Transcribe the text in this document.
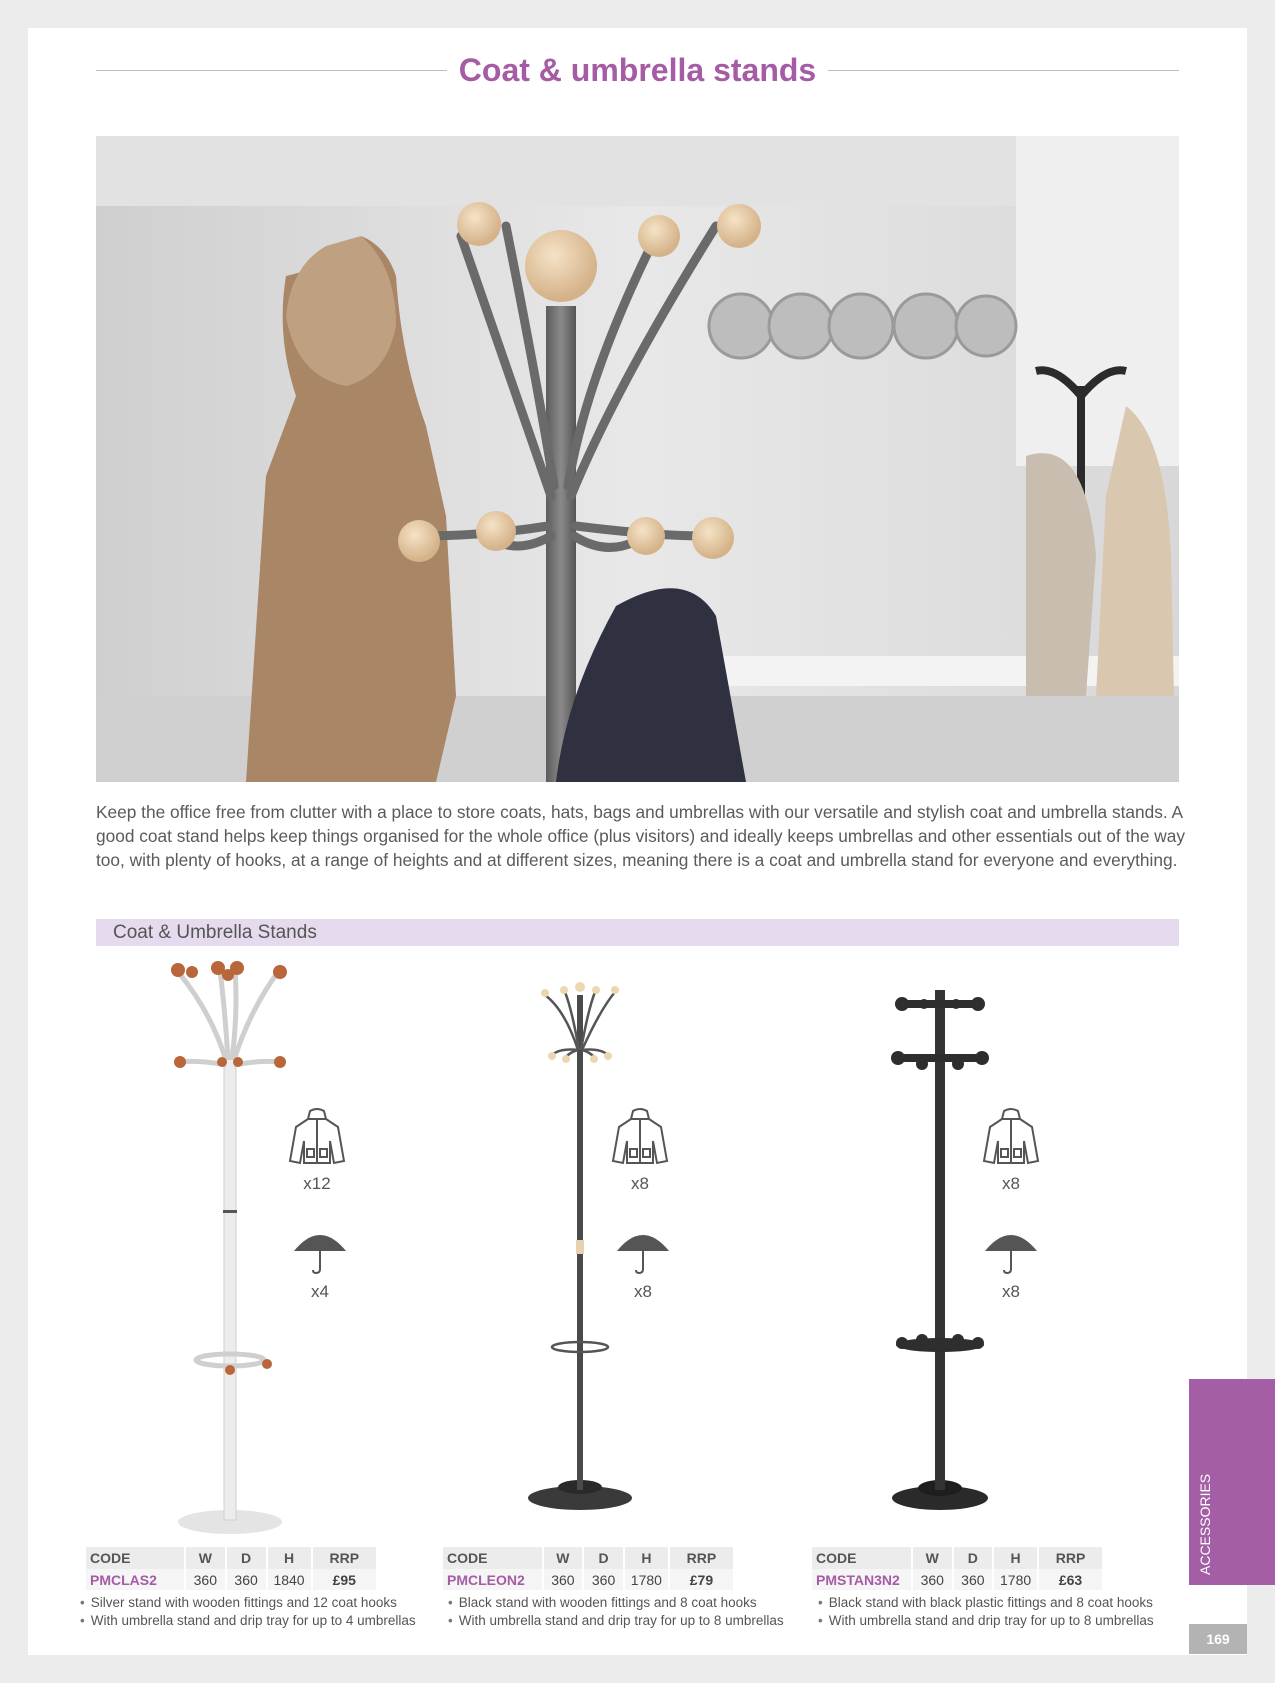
Coat & umbrella stands

Keep the office free from clutter with a place to store coats, hats, bags and umbrellas with our versatile and stylish coat and umbrella stands. A good coat stand helps keep things organised for the whole office (plus visitors) and ideally keeps umbrellas and other essentials out of the way too, with plenty of hooks, at a range of heights and at different sizes, meaning there is a coat and umbrella stand for everyone and everything.

Coat & Umbrella Stands
x12
x4
CODE	W	D	H	RRP
PMCLAS2	360	360	1840	£95
• Silver stand with wooden fittings and 12 coat hooks
• With umbrella stand and drip tray for up to 4 umbrellas
x8
x8
CODE	W	D	H	RRP
PMCLEON2	360	360	1780	£79
• Black stand with wooden fittings and 8 coat hooks
• With umbrella stand and drip tray for up to 8 umbrellas
x8
x8
CODE	W	D	H	RRP
PMSTAN3N2	360	360	1780	£63
• Black stand with black plastic fittings and 8 coat hooks
• With umbrella stand and drip tray for up to 8 umbrellas
ACCESSORIES
169
